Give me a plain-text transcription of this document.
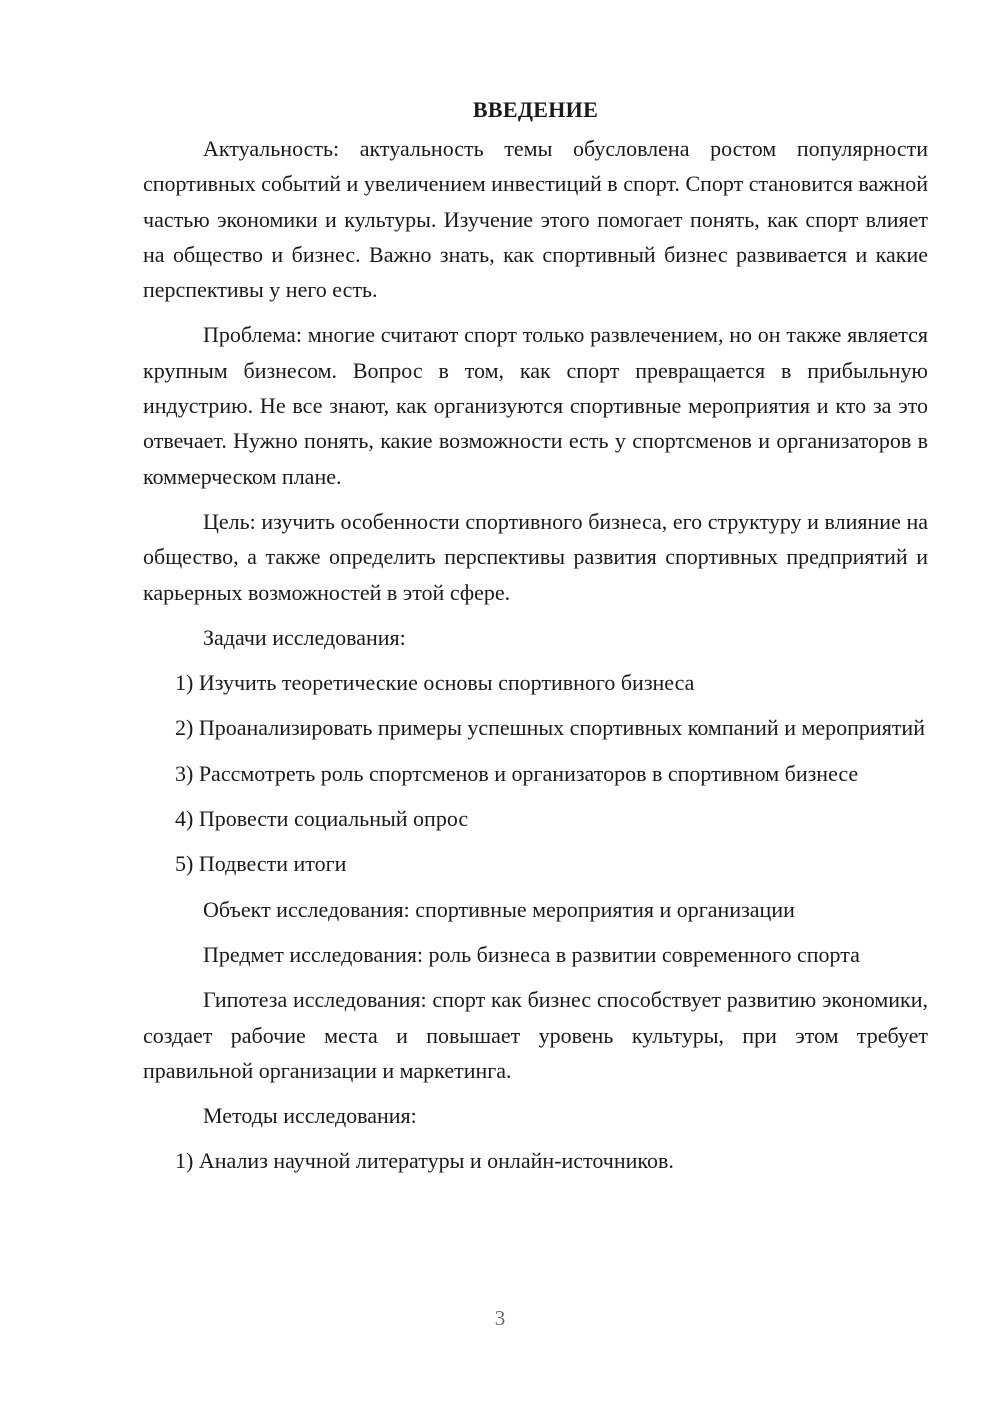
ВВЕДЕНИЕ

Актуальность: актуальность темы обусловлена ростом популярности спортивных событий и увеличением инвестиций в спорт. Спорт становится важной частью экономики и культуры. Изучение этого помогает понять, как спорт влияет на общество и бизнес. Важно знать, как спортивный бизнес развивается и какие перспективы у него есть.

Проблема: многие считают спорт только развлечением, но он также является крупным бизнесом. Вопрос в том, как спорт превращается в прибыльную индустрию. Не все знают, как организуются спортивные мероприятия и кто за это отвечает. Нужно понять, какие возможности есть у спортсменов и организаторов в коммерческом плане.

Цель: изучить особенности спортивного бизнеса, его структуру и влияние на общество, а также определить перспективы развития спортивных предприятий и карьерных возможностей в этой сфере.

Задачи исследования:

1) Изучить теоретические основы спортивного бизнеса

2) Проанализировать примеры успешных спортивных компаний и мероприятий

3) Рассмотреть роль спортсменов и организаторов в спортивном бизнесе

4) Провести социальный опрос

5) Подвести итоги

Объект исследования: спортивные мероприятия и организации

Предмет исследования: роль бизнеса в развитии современного спорта

Гипотеза исследования: спорт как бизнес способствует развитию экономики, создает рабочие места и повышает уровень культуры, при этом требует правильной организации и маркетинга.

Методы исследования:

1) Анализ научной литературы и онлайн-источников.

3
